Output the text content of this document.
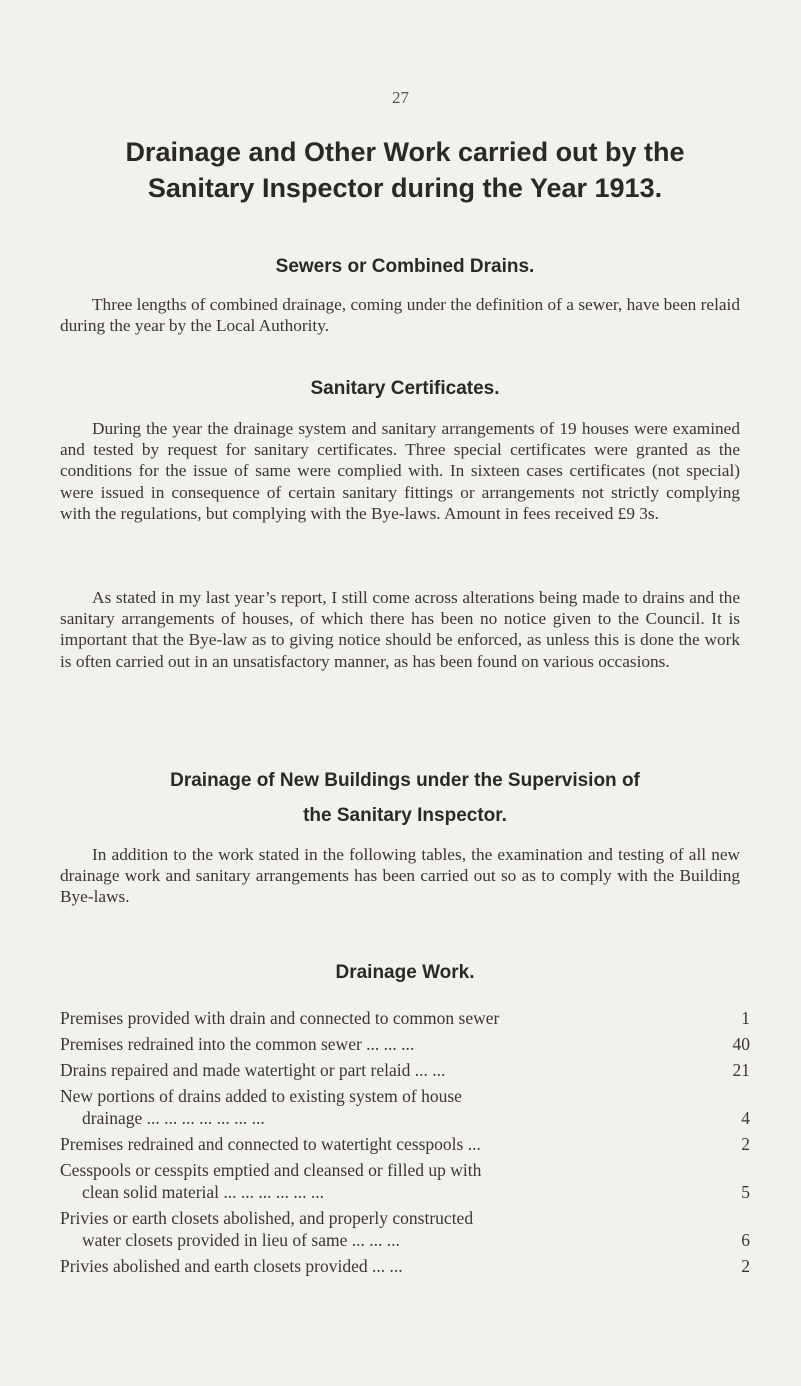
27
Drainage and Other Work carried out by the
Sanitary Inspector during the Year 1913.
Sewers or Combined Drains.

Three lengths of combined drainage, coming under the definition of a sewer, have been relaid during the year by the Local Authority.

Sanitary Certificates.

During the year the drainage system and sanitary arrangements of 19 houses were examined and tested by request for sanitary certificates. Three special certificates were granted as the conditions for the issue of same were complied with. In sixteen cases certificates (not special) were issued in consequence of certain sanitary fittings or arrangements not strictly complying with the regulations, but complying with the Bye-laws. Amount in fees received £9 3s.

As stated in my last year’s report, I still come across alterations being made to drains and the sanitary arrangements of houses, of which there has been no notice given to the Council. It is important that the Bye-law as to giving notice should be enforced, as unless this is done the work is often carried out in an unsatisfactory manner, as has been found on various occasions.

Drainage of New Buildings under the Supervision of
the Sanitary Inspector.

In addition to the work stated in the following tables, the examination and testing of all new drainage work and sanitary arrangements has been carried out so as to comply with the Building Bye-laws.

Drainage Work.
Premises provided with drain and connected to common sewer	1
Premises redrained into the common sewer ... ... ...	40
Drains repaired and made watertight or part relaid ... ...	21
New portions of drains added to existing system of house
drainage ... ... ... ... ... ... ...	4
Premises redrained and connected to watertight cesspools ...	2
Cesspools or cesspits emptied and cleansed or filled up with
clean solid material ... ... ... ... ... ...	5
Privies or earth closets abolished, and properly constructed
water closets provided in lieu of same ... ... ...	6
Privies abolished and earth closets provided ... ...	2
